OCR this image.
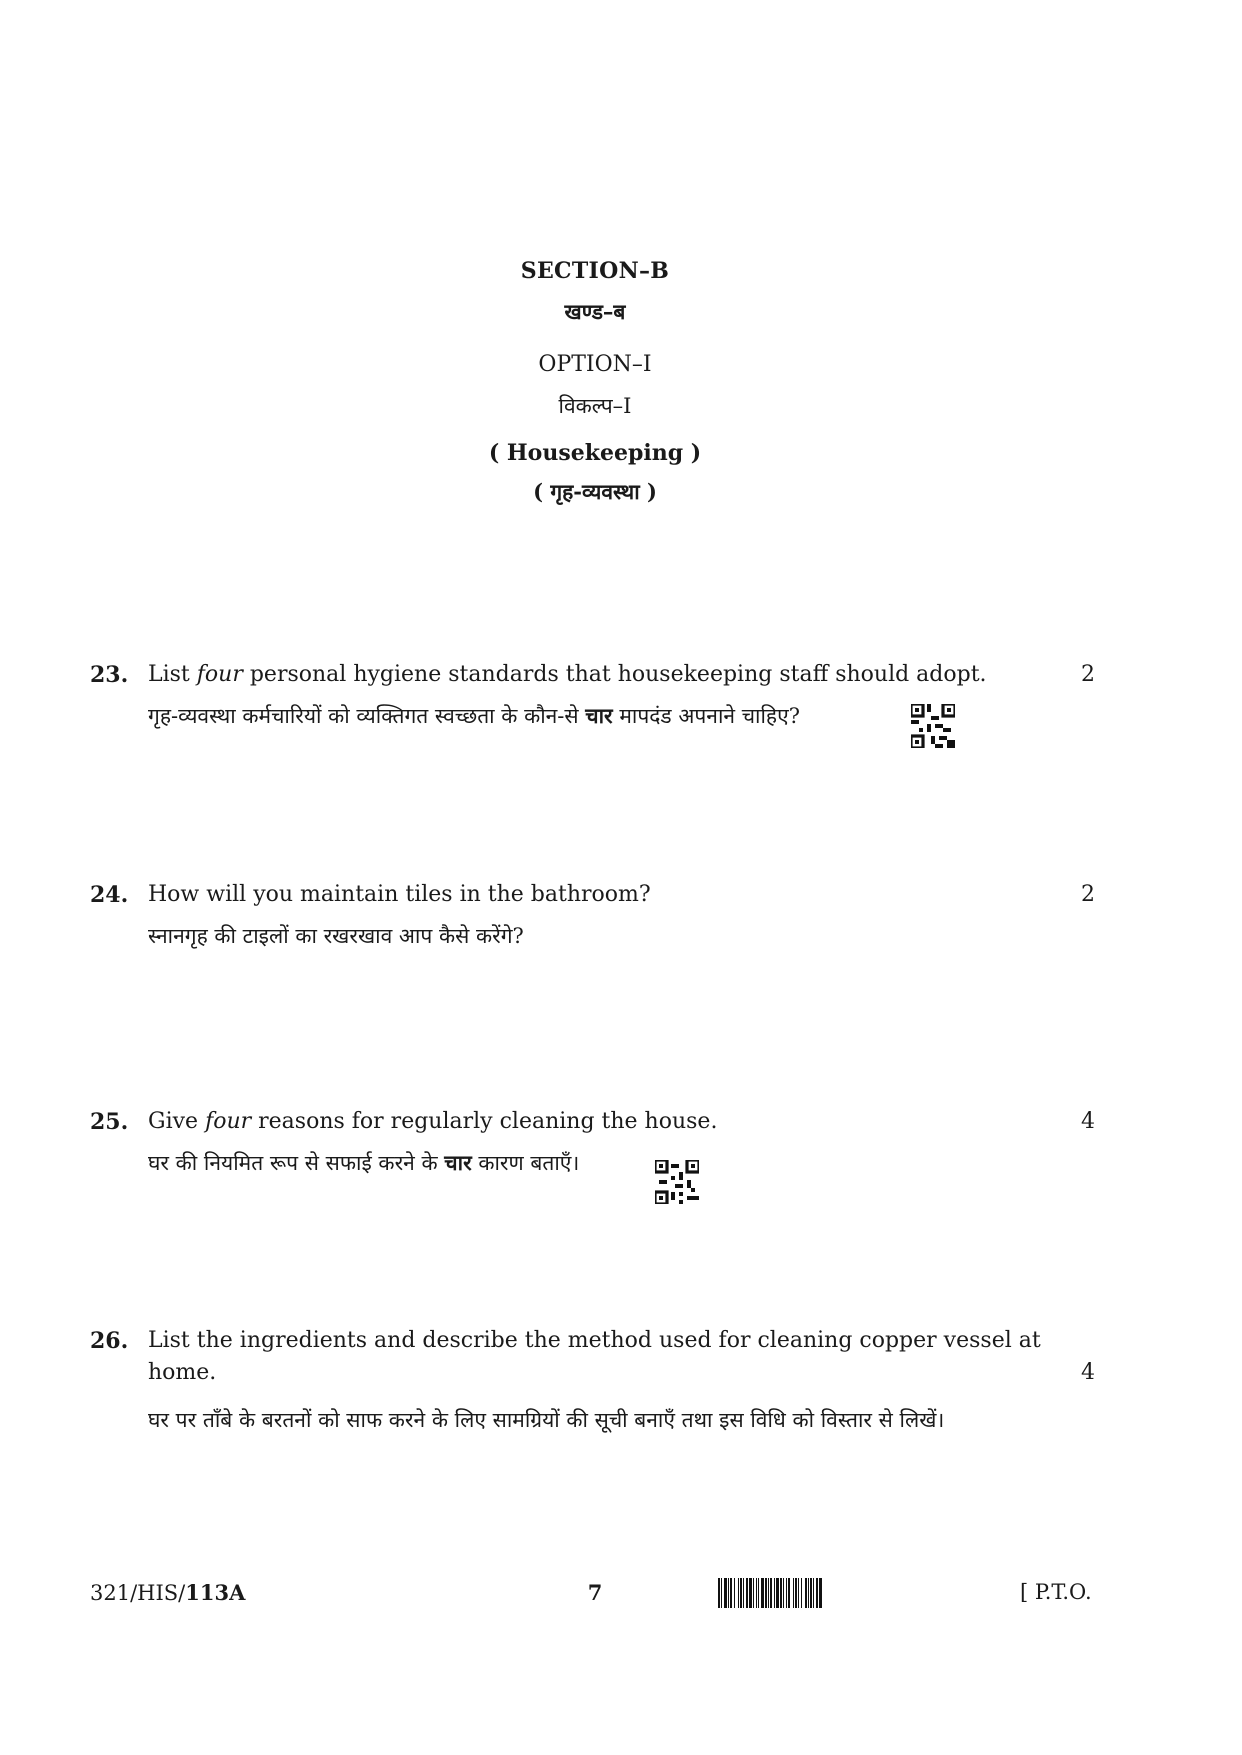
SECTION–B
खण्ड–ब
OPTION–I
विकल्प–I
( Housekeeping )
( गृह-व्यवस्था )
23. List four personal hygiene standards that housekeeping staff should adopt.	2
गृह-व्यवस्था कर्मचारियों को व्यक्तिगत स्वच्छता के कौन-से चार मापदंड अपनाने चाहिए?
24. How will you maintain tiles in the bathroom?	2
स्नानगृह की टाइलों का रखरखाव आप कैसे करेंगे?
25. Give four reasons for regularly cleaning the house.	4
घर की नियमित रूप से सफाई करने के चार कारण बताएँ।
26. List the ingredients and describe the method used for cleaning copper vessel at
home.	4
घर पर ताँबे के बरतनों को साफ करने के लिए सामग्रियों की सूची बनाएँ तथा इस विधि को विस्तार से लिखें।
321/HIS/113A	7	[ P.T.O.
